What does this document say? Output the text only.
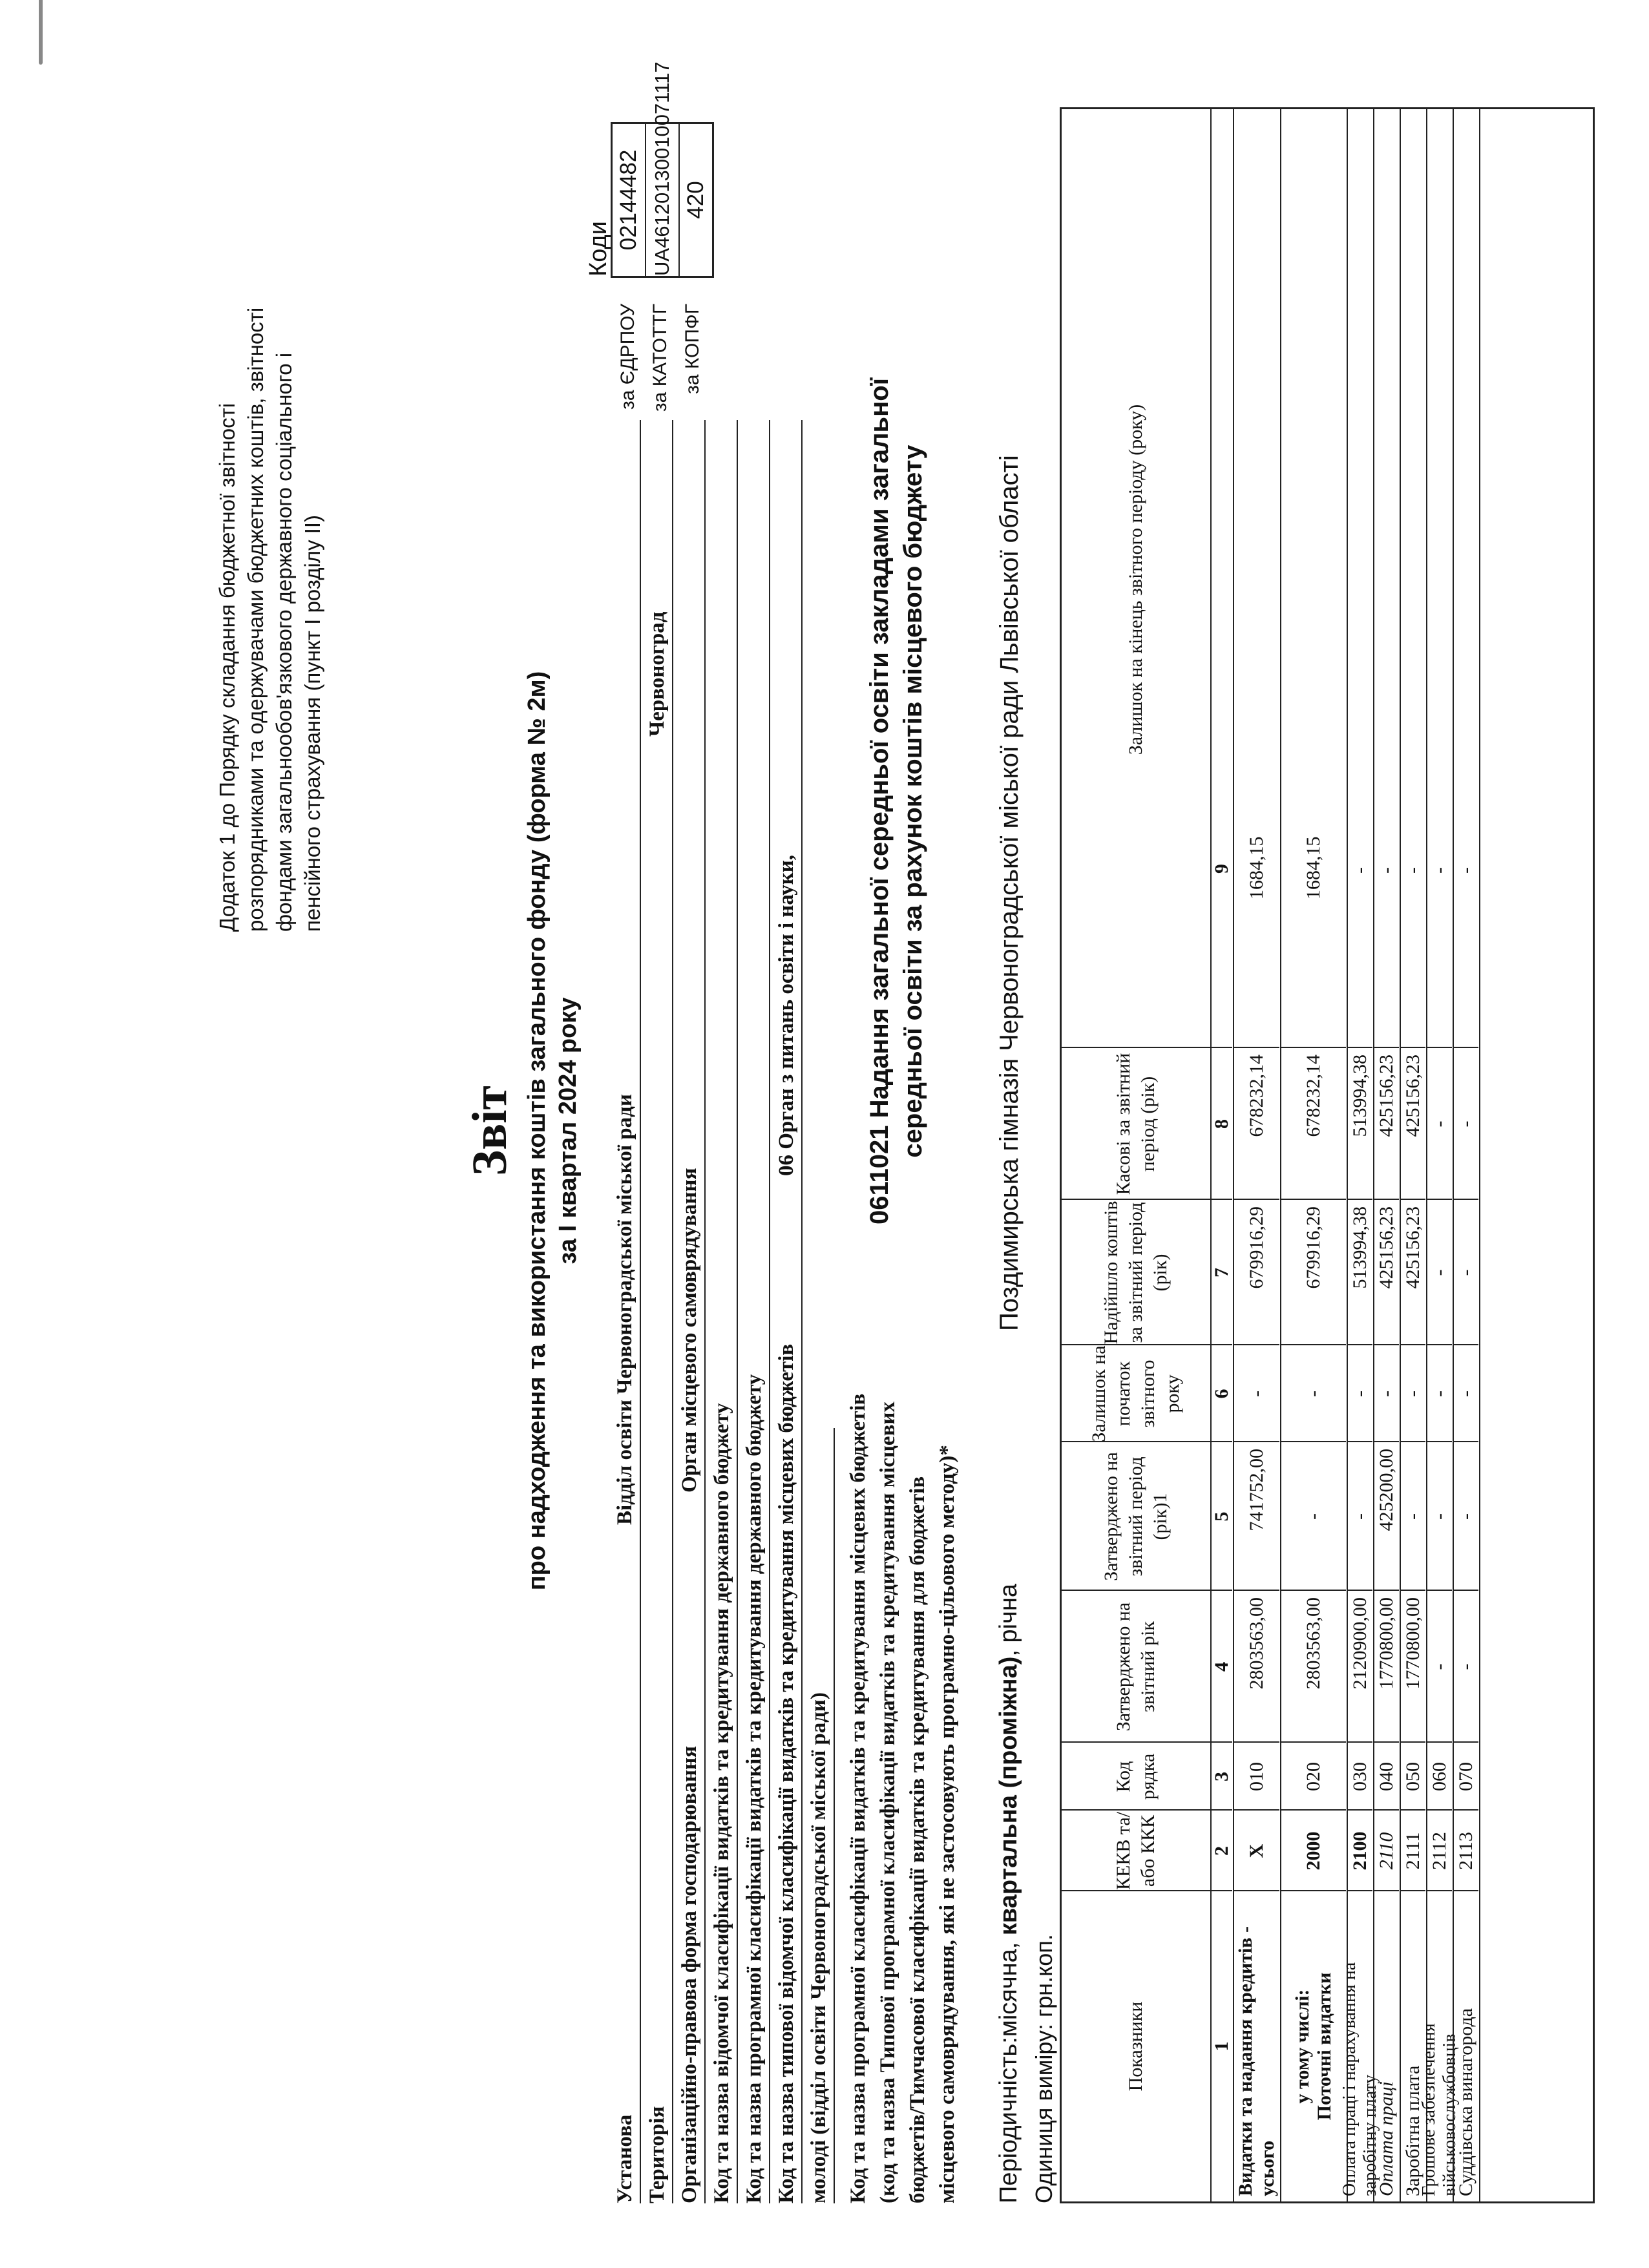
Додаток 1 до Порядку складання бюджетної звітності розпорядниками та одержувачами бюджетних коштів, звітності фондами загальнообов'язкового державного соціального і пенсійного страхування (пункт І розділу ІІ)
Звіт про надходження та використання коштів загального фонду (форма № 2м) за I квартал 2024 року
Коди
за ЄДРПОУ за КАТОТТГ за КОПФГ
02144482 UA46120130010071117 420
Установа
Відділ освіти Червоноградської міської ради
Територія
Червоноград
Організаційно-правова форма господарювання
Орган місцевого самоврядування
Код та назва відомчої класифікації видатків та кредитування державного бюджету Код та назва програмної класифікації видатків та кредитування державного бюджету Код та назва типової відомчої класифікації видатків та кредитування місцевих бюджетів
06 Орган з питань освіти і науки,
молоді (відділ освіти Червоноградської міської ради) Код та назва програмної класифікації видатків та кредитування місцевих бюджетів (код та назва Типової програмної класифікації видатків та кредитування місцевих бюджетів/Тимчасової класифікації видатків та кредитування для бюджетів місцевого самоврядування, які не застосовують програмно-цільового методу)*
0611021 Надання загальної середньої освіти закладами загальної середньої освіти за рахунок коштів місцевого бюджету
Періодичність:місячна, квартальна (проміжна), річна
Поздимирська гімназія Червоноградської міської ради Львівської області
Одиниця виміру: грн.коп.	Показники
КЕКВ та/або ККК
Код рядка
Затверджено на звітний рік
Затверджено на звітний період (рік)1
Залишок на початок звітного року
Надійшло коштів за звітний період (рік)
Касові за звітний період (рік)
Залишок на кінець звітного періоду (року)
1
2
3
4
5
6
7
8
9
Видатки та надання кредитів - усього
X
010
2803563,00
741752,00
-
679916,29
678232,14
1684,15
у тому числі: Поточні видатки
2000
020
2803563,00
-
-
679916,29
678232,14
1684,15
Оплата праці і нарахування на заробітну плату
2100
030
2120900,00
-
-
513994,38
513994,38
-
Оплата праці
2110
040
1770800,00
425200,00
-
425156,23
425156,23
-
Заробітна плата
2111
050
1770800,00
-
-
425156,23
425156,23
-
Грошове забезпечення військовослужбовців
2112
060
-
-
-
-
-
-
Суддівська винагорода
2113
070
-
-
-
-
-
-
